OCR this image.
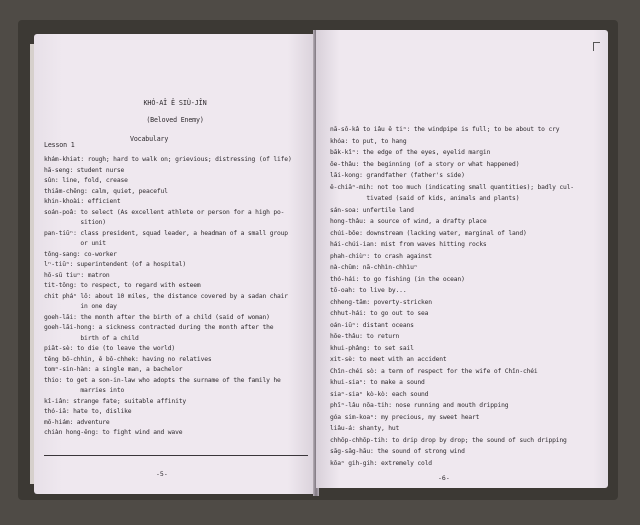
KHÓ-AÎ Ê SIÙ-JÎN
(Beloved Enemy)
Vocabulary
Lesson 1
khám-khiat: rough; hard to walk on; grievious; distressing (of life)
hā-seng: student nurse
sûn: line, fold, crease
thiām-chēng: calm, quiet, peaceful
khin-khoài: efficient
soán-poâ: to select (As excellent athlete or person for a high po-
sition)
pan-tiūⁿ: class president, squad leader, a headman of a small group
or unit
tông-sang: co-worker
lⁿ-tiūⁿ: superintendent (of a hospital)
hō-sū tiuⁿ: matron
tit-tōng: to respect, to regard with esteem
chit pháⁿ lō: about 10 miles, the distance covered by a sadan chair
in one day
goeh-lāi: the month after the birth of a child (said of woman)
goeh-lāi-hong: a sickness contracted during the month after the
birth of a child
piāt-sè: to die (to leave the world)
têng bô-chhin, ê bô-chhek: having no relatives
tomⁿ-sin-hàn: a single man, a bachelor
thio: to get a son-in-law who adopts the surname of the family he
marries into
kî-iân: strange fate; suitable affinity
thó-iā: hate to, dislike
mō-hiám: adventure
chiàn hong-êng: to fight wind and wave
-5-
nā-sǒ-kâ to iâu ê tiⁿ: the windpipe is full; to be about to cry
khóa: to put, to hang
bāk-kîⁿ: the edge of the eyes, eyelid margin
ōe-thâu: the beginning (of a story or what happened)
lāi-kong: grandfather (father's side)
ê-chiāⁿ-mih: not too much (indicating small quantities); badly cul-
tivated (said of kids, animals and plants)
sán-soa: unfertile land
hong-thâu: a source of wind, a drafty place
chúi-bōe: downstream (lacking water, marginal of land)
hái-chúi-ian: mist from waves hitting rocks
phah-chiùⁿ: to crash against
nà-chūm: nā-chhìn-chhìuⁿ
thó-hái: to go fishing (in the ocean)
tō-oah: to live by...
chheng-tām: poverty-stricken
chhut-hái: to go out to sea
oán-iūⁿ: distant oceans
hōe-thâu: to return
khui-phâng: to set sail
xit-sè: to meet with an accident
Chîn-chéi sò: a term of respect for the wife of Chîn-chéi
khui-siaⁿ: to make a sound
siaⁿ-siaⁿ kò-kò: each sound
phīⁿ-lâu nōa-tih: nose running and mouth dripping
góa sim-koaⁿ: my precious, my sweet heart
liâu-á: shanty, hut
chhōp-chhōp-tih: to drip drop by drop; the sound of such dripping
sāg-sāg-hāu: the sound of strong wind
kōaⁿ gih-gih: extremely cold
-6-
